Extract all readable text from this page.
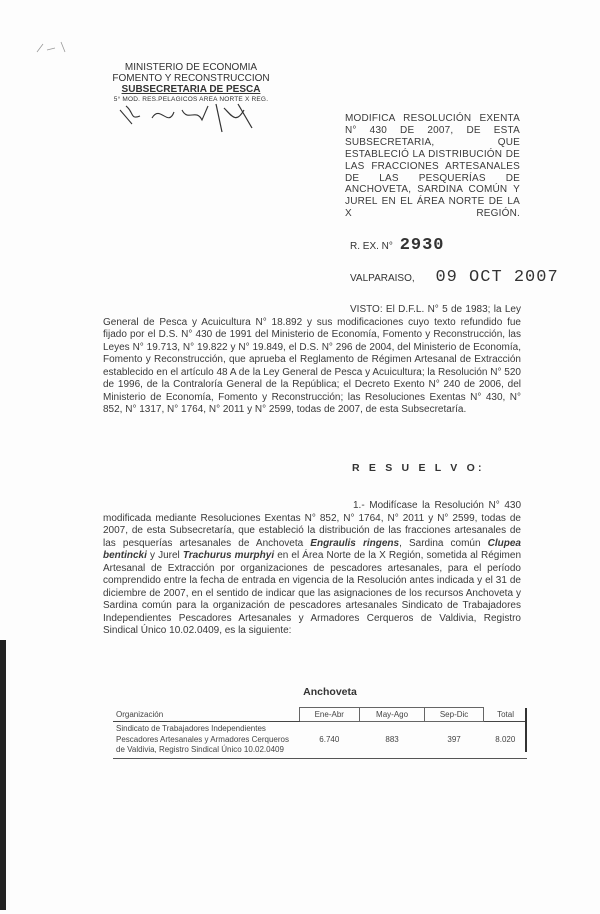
MINISTERIO DE ECONOMIA
FOMENTO Y RECONSTRUCCION
SUBSECRETARIA DE PESCA
5° MOD. RES.PELAGICOS AREA NORTE X REG.
MODIFICA RESOLUCIÓN EXENTA N° 430 DE 2007, DE ESTA SUBSECRETARIA, QUE ESTABLECIÓ LA DISTRIBUCIÓN DE LAS FRACCIONES ARTESANALES DE LAS PESQUERÍAS DE ANCHOVETA, SARDINA COMÚN Y JUREL EN EL ÁREA NORTE DE LA X REGIÓN.
R. EX. N° 2930
VALPARAISO, 09 OCT 2007
VISTO: El D.F.L. N° 5 de 1983; la Ley General de Pesca y Acuicultura N° 18.892 y sus modificaciones cuyo texto refundido fue fijado por el D.S. N° 430 de 1991 del Ministerio de Economía, Fomento y Reconstrucción, las Leyes N° 19.713, N° 19.822 y N° 19.849, el D.S. N° 296 de 2004, del Ministerio de Economía, Fomento y Reconstrucción, que aprueba el Reglamento de Régimen Artesanal de Extracción establecido en el artículo 48 A de la Ley General de Pesca y Acuicultura; la Resolución N° 520 de 1996, de la Contraloría General de la República; el Decreto Exento N° 240 de 2006, del Ministerio de Economía, Fomento y Reconstrucción; las Resoluciones Exentas N° 430, N° 852, N° 1317, N° 1764, N° 2011 y N° 2599, todas de 2007, de esta Subsecretaría.
R E S U E L V O:
1.- Modifícase la Resolución N° 430 modificada mediante Resoluciones Exentas N° 852, N° 1764, N° 2011 y N° 2599, todas de 2007, de esta Subsecretaría, que estableció la distribución de las fracciones artesanales de las pesquerías artesanales de Anchoveta Engraulis ringens, Sardina común Clupea bentincki y Jurel Trachurus murphyi en el Área Norte de la X Región, sometida al Régimen Artesanal de Extracción por organizaciones de pescadores artesanales, para el período comprendido entre la fecha de entrada en vigencia de la Resolución antes indicada y el 31 de diciembre de 2007, en el sentido de indicar que las asignaciones de los recursos Anchoveta y Sardina común para la organización de pescadores artesanales Sindicato de Trabajadores Independientes Pescadores Artesanales y Armadores Cerqueros de Valdivia, Registro Sindical Único 10.02.0409, es la siguiente:
Anchoveta
Organización	Ene-Abr	May-Ago	Sep-Dic	Total
Sindicato de Trabajadores Independientes Pescadores Artesanales y Armadores Cerqueros de Valdivia, Registro Sindical Único 10.02.0409	6.740	883	397	8.020
